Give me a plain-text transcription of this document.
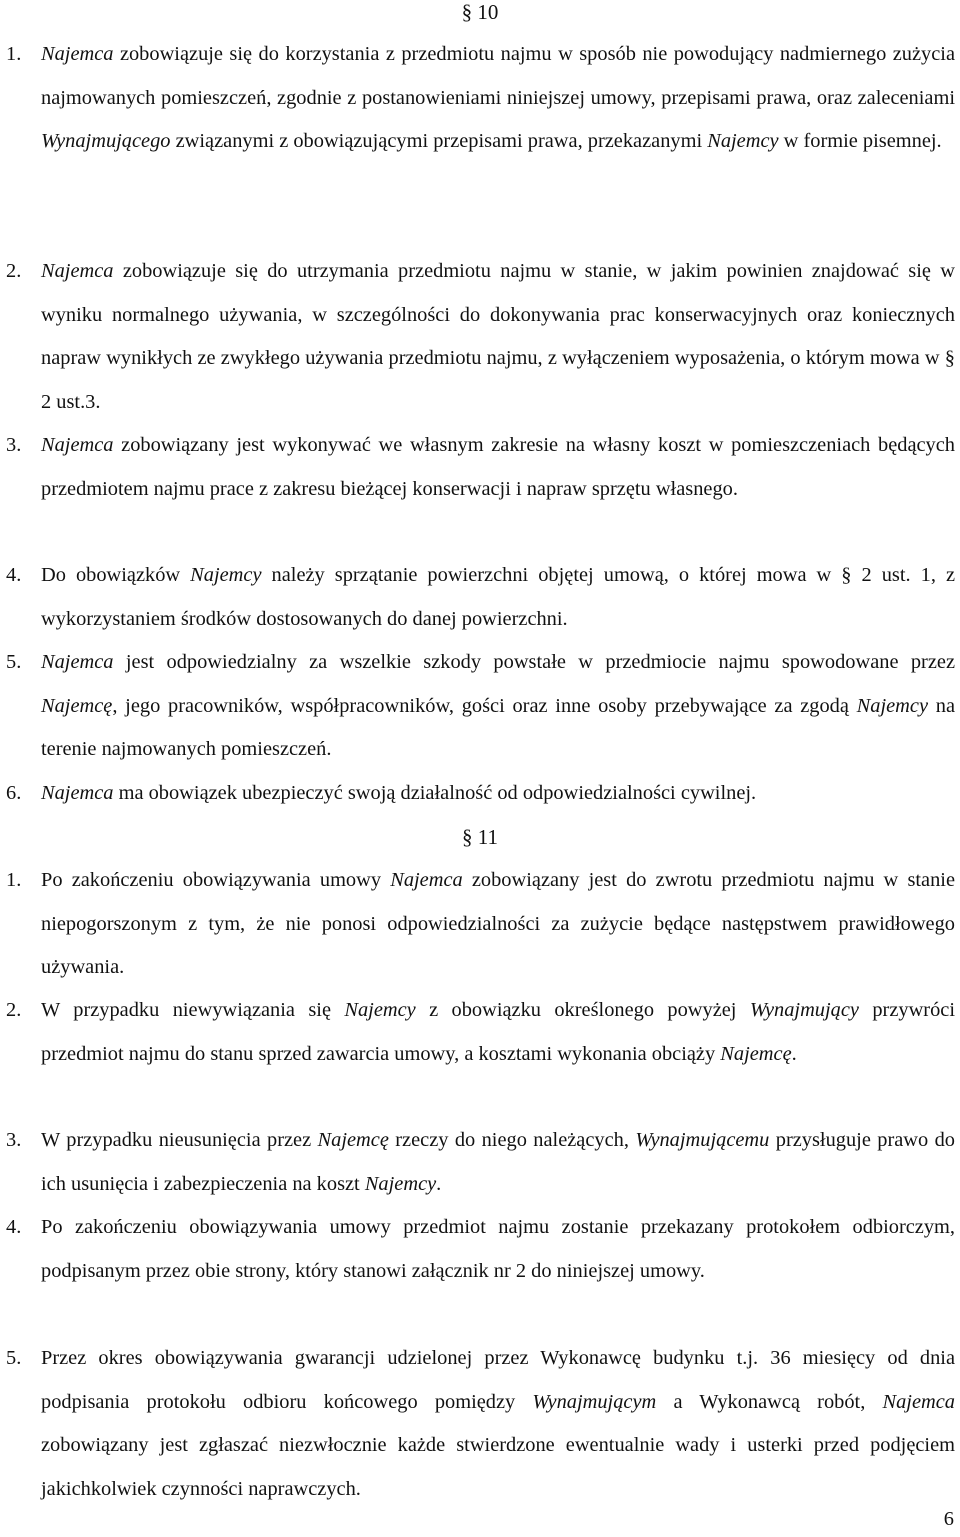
§ 10
1. Najemca zobowiązuje się do korzystania z przedmiotu najmu w sposób nie powodujący nadmiernego zużycia najmowanych pomieszczeń, zgodnie z postanowieniami niniejszej umowy, przepisami prawa, oraz zaleceniami Wynajmującego związanymi z obowiązującymi przepisami prawa, przekazanymi Najemcy w formie pisemnej.
2. Najemca zobowiązuje się do utrzymania przedmiotu najmu w stanie, w jakim powinien znajdować się w wyniku normalnego używania, w szczególności do dokonywania prac konserwacyjnych oraz koniecznych napraw wynikłych ze zwykłego używania przedmiotu najmu, z wyłączeniem wyposażenia, o którym mowa w § 2 ust.3.
3. Najemca zobowiązany jest wykonywać we własnym zakresie na własny koszt w pomieszczeniach będących przedmiotem najmu prace z zakresu bieżącej konserwacji i napraw sprzętu własnego.
4. Do obowiązków Najemcy należy sprzątanie powierzchni objętej umową, o której mowa w § 2 ust. 1, z wykorzystaniem środków dostosowanych do danej powierzchni.
5. Najemca jest odpowiedzialny za wszelkie szkody powstałe w przedmiocie najmu spowodowane przez Najemcę, jego pracowników, współpracowników, gości oraz inne osoby przebywające za zgodą Najemcy na terenie najmowanych pomieszczeń.
6. Najemca ma obowiązek ubezpieczyć swoją działalność od odpowiedzialności cywilnej.
§ 11
1. Po zakończeniu obowiązywania umowy Najemca zobowiązany jest do zwrotu przedmiotu najmu w stanie niepogorszonym z tym, że nie ponosi odpowiedzialności za zużycie będące następstwem prawidłowego używania.
2. W przypadku niewywiązania się Najemcy z obowiązku określonego powyżej Wynajmujący przywróci przedmiot najmu do stanu sprzed zawarcia umowy, a kosztami wykonania obciąży Najemcę.
3. W przypadku nieusunięcia przez Najemcę rzeczy do niego należących, Wynajmującemu przysługuje prawo do ich usunięcia i zabezpieczenia na koszt Najemcy.
4. Po zakończeniu obowiązywania umowy przedmiot najmu zostanie przekazany protokołem odbiorczym, podpisanym przez obie strony, który stanowi załącznik nr 2 do niniejszej umowy.
5. Przez okres obowiązywania gwarancji udzielonej przez Wykonawcę budynku t.j. 36 miesięcy od dnia podpisania protokołu odbioru końcowego pomiędzy Wynajmującym a Wykonawcą robót, Najemca zobowiązany jest zgłaszać niezwłocznie każde stwierdzone ewentualnie wady i usterki przed podjęciem jakichkolwiek czynności naprawczych.
6
